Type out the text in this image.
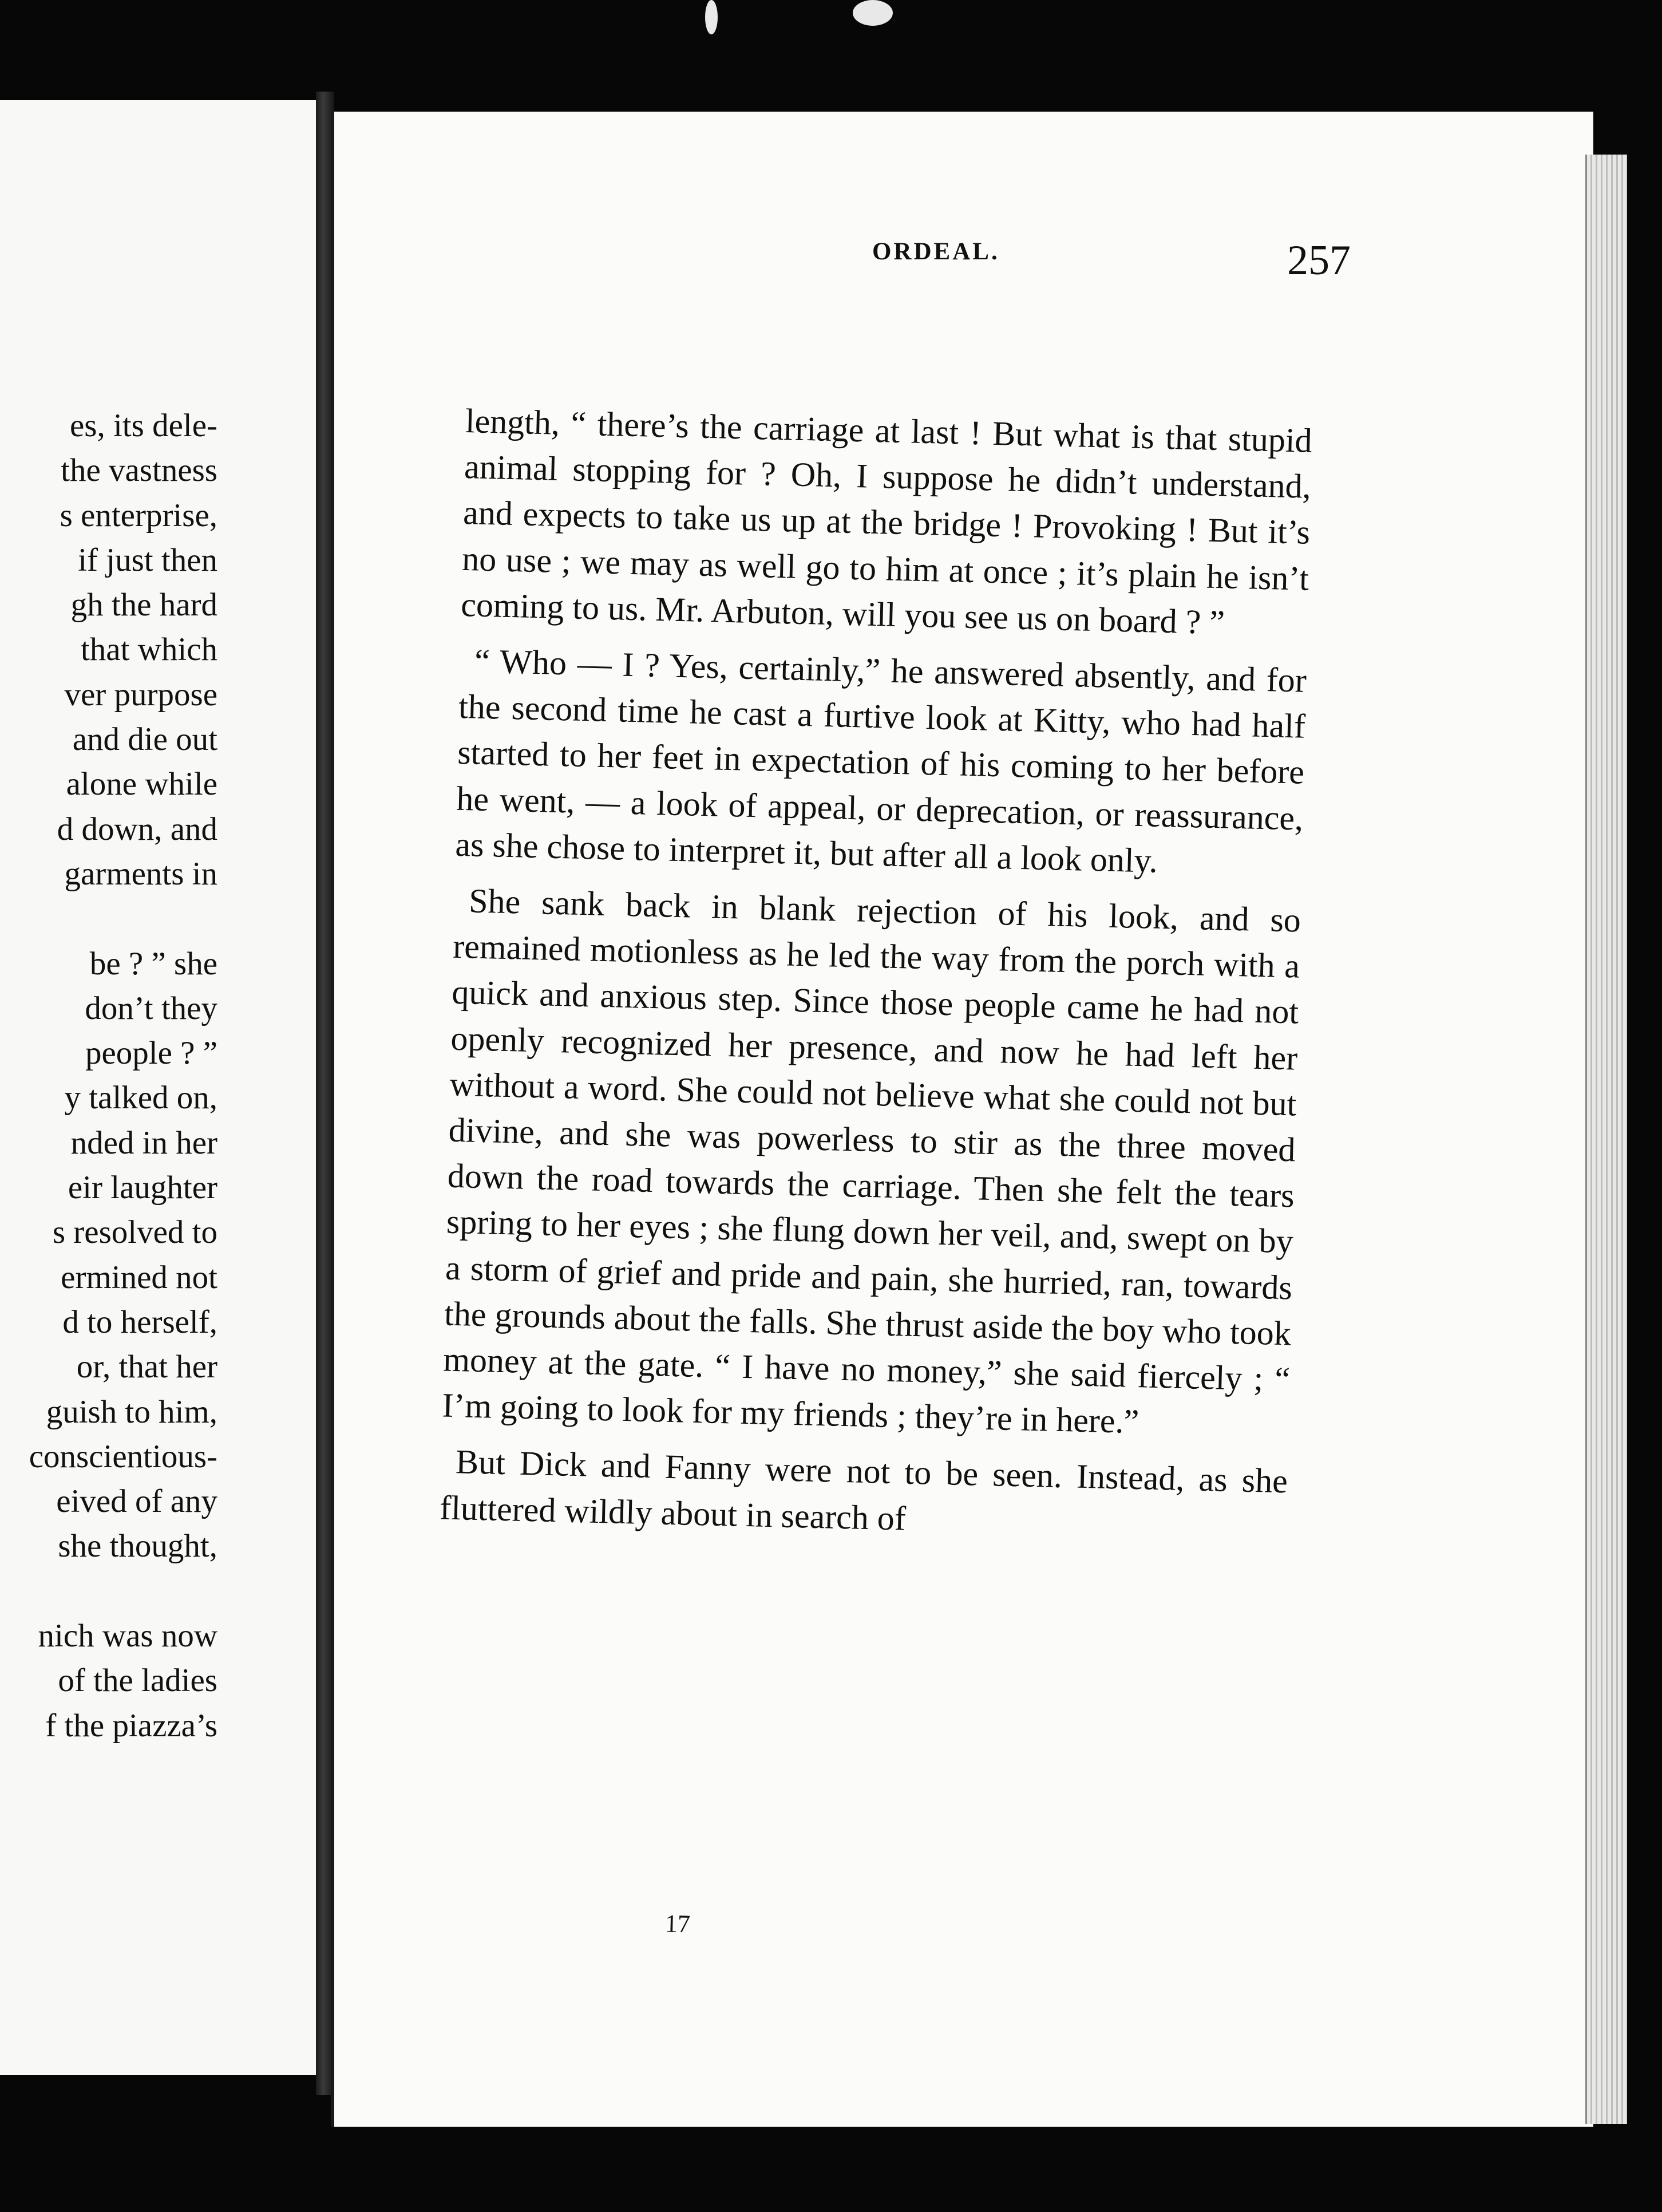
es, its dele-
the vastness
s enterprise,
if just then
gh the hard
that which
ver purpose
and die out
alone while
d down, and
garments in
be ? ” she
don’t they
people ? ”
y talked on,
nded in her
eir laughter
s resolved to
ermined not
d to herself,
or, that her
guish to him,
conscientious-
eived of any
she thought,
nich was now
of the ladies
f the piazza’s
ORDEAL.	257

length, “ there’s the carriage at last ! But what is that stupid animal stopping for ? Oh, I suppose he didn’t understand, and expects to take us up at the bridge ! Provoking ! But it’s no use ; we may as well go to him at once ; it’s plain he isn’t coming to us. Mr. Arbuton, will you see us on board ? ”

“ Who — I ? Yes, certainly,” he answered absently, and for the second time he cast a furtive look at Kitty, who had half started to her feet in expectation of his coming to her before he went, — a look of appeal, or deprecation, or reassurance, as she chose to interpret it, but after all a look only.

She sank back in blank rejection of his look, and so remained motionless as he led the way from the porch with a quick and anxious step. Since those people came he had not openly recognized her presence, and now he had left her without a word. She could not believe what she could not but divine, and she was powerless to stir as the three moved down the road towards the carriage. Then she felt the tears spring to her eyes ; she flung down her veil, and, swept on by a storm of grief and pride and pain, she hurried, ran, towards the grounds about the falls. She thrust aside the boy who took money at the gate. “ I have no money,” she said fiercely ; “ I’m going to look for my friends ; they’re in here.”

But Dick and Fanny were not to be seen. Instead, as she fluttered wildly about in search of

17
